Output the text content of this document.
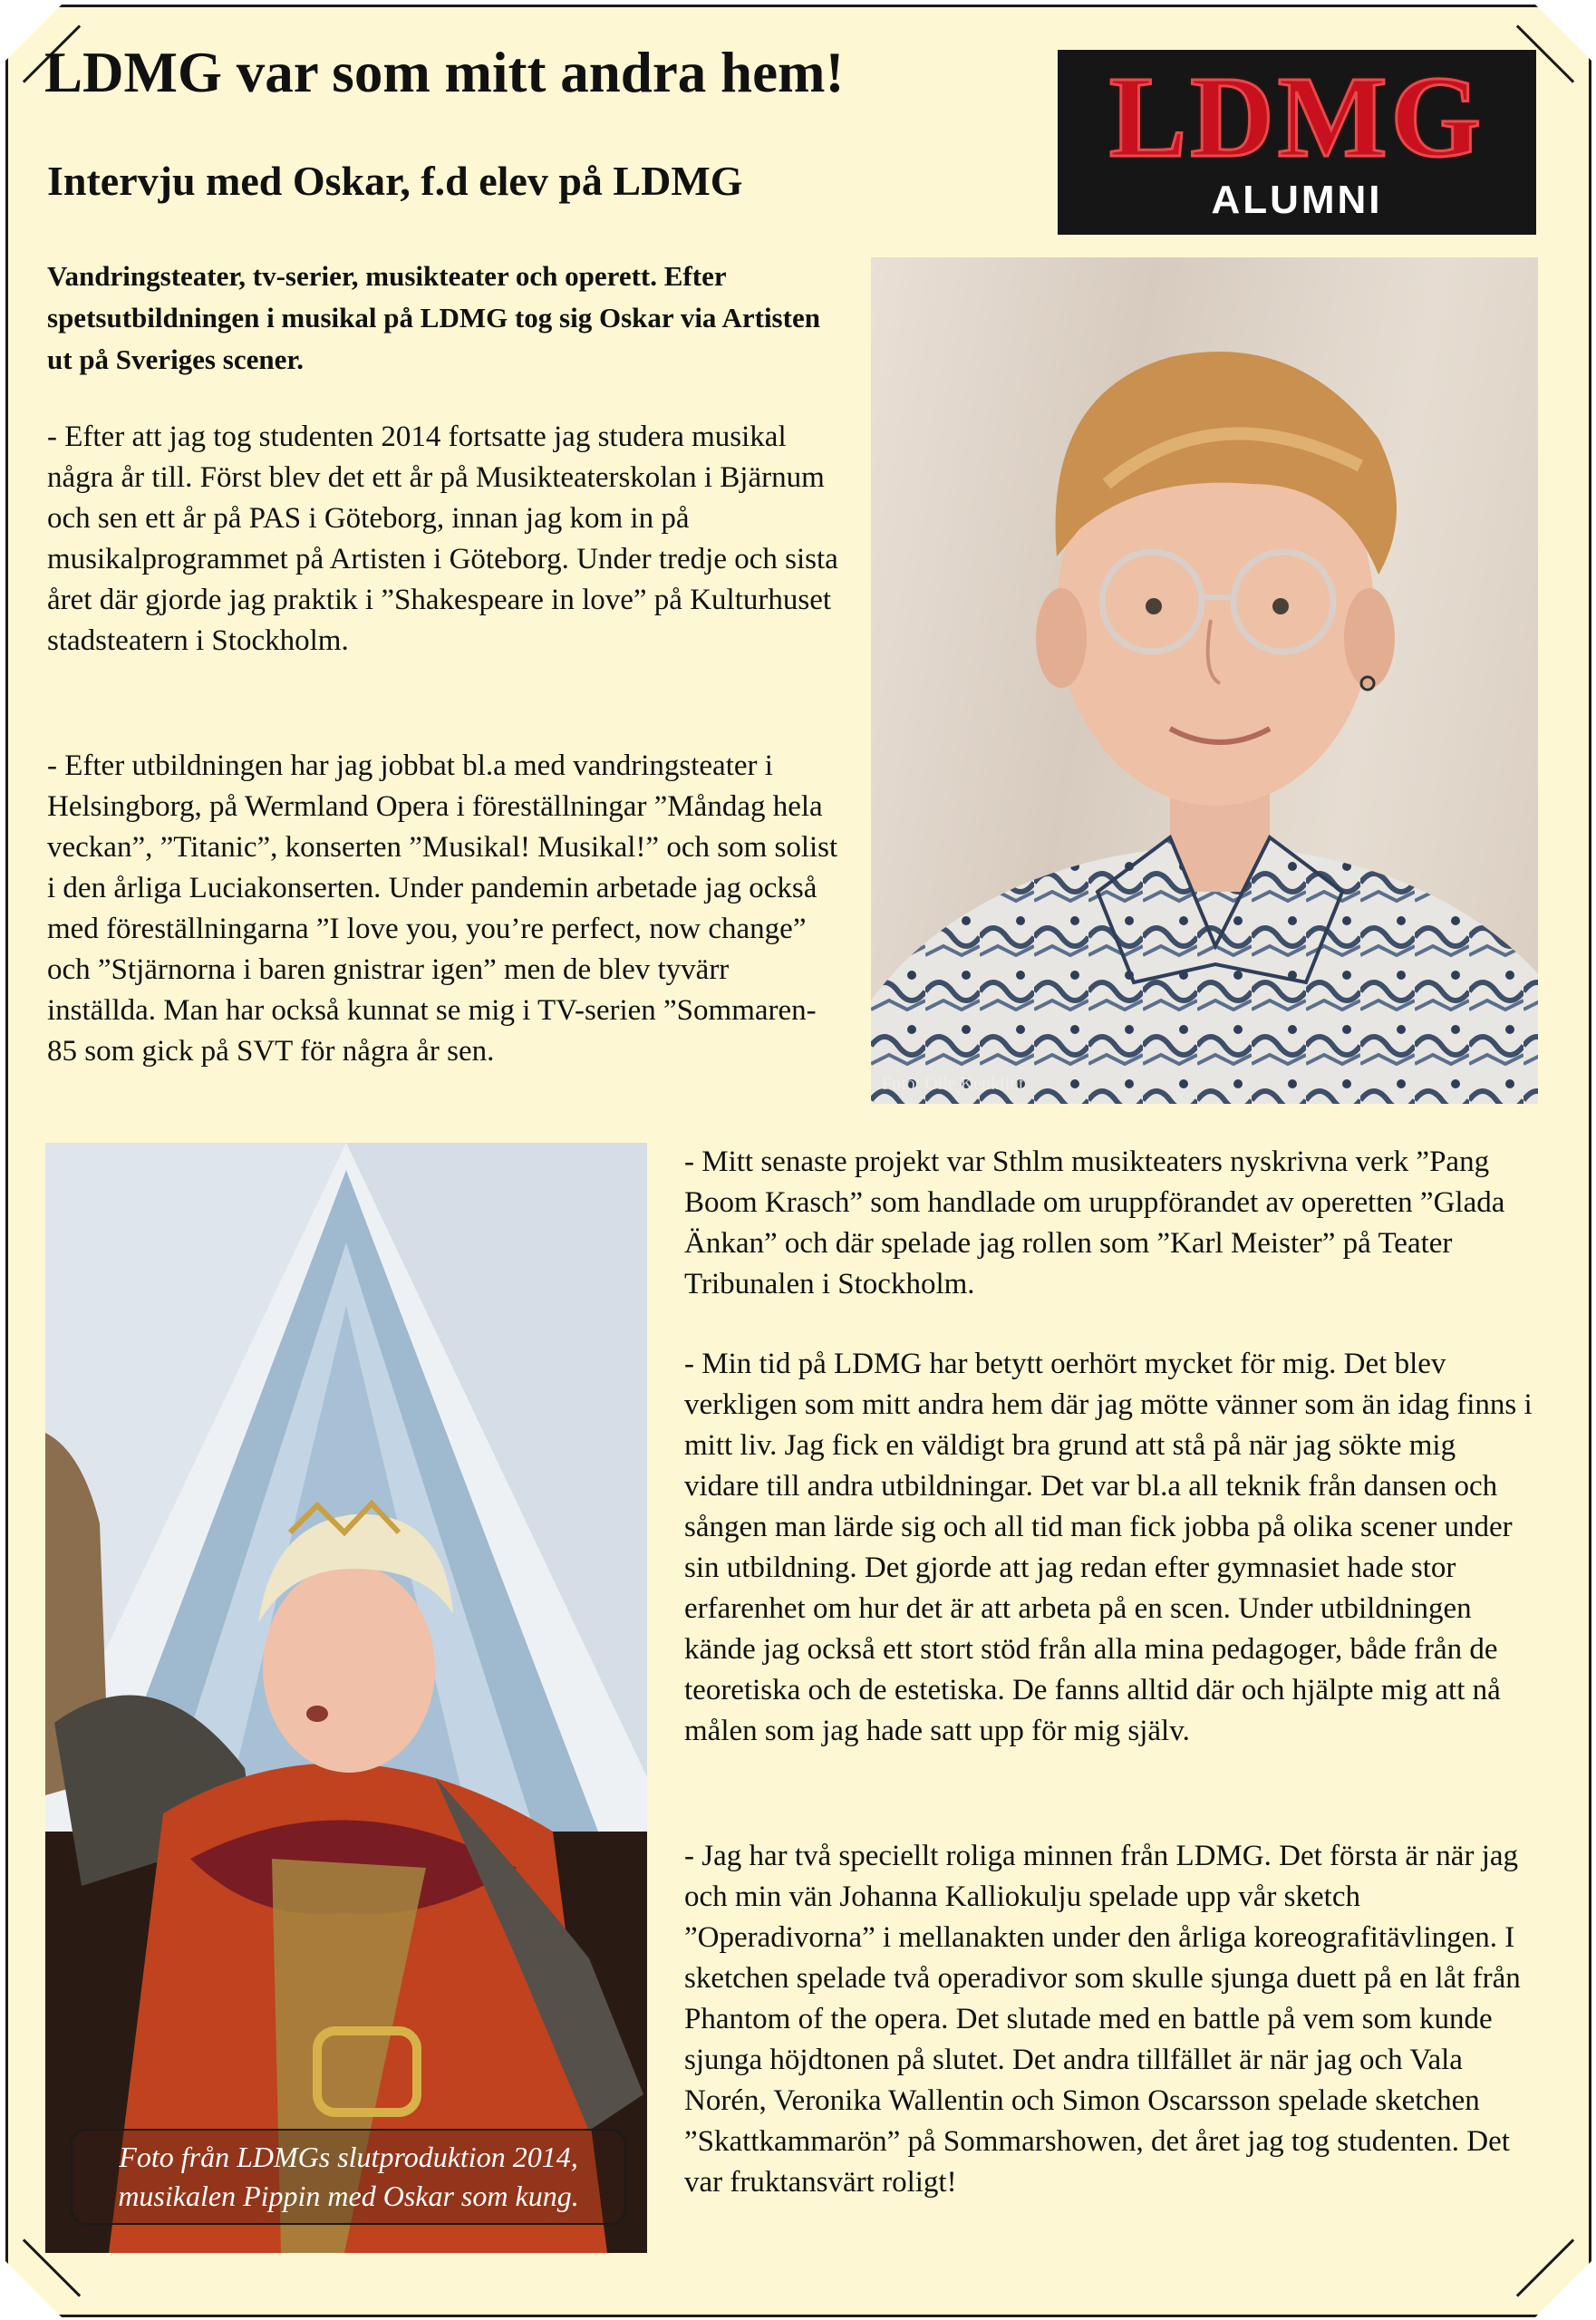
LDMG var som mitt andra hem!
Intervju med Oskar, f.d elev på LDMG	LDMG
ALUMNI

Vandringsteater, tv-serier, musikteater och operett. Efter spetsutbildningen i musikal på LDMG tog sig Oskar via Artisten ut på Sveriges scener.

Foto: Olle Kenklint

- Efter att jag tog studenten 2014 fortsatte jag studera musikal några år till. Först blev det ett år på Musikteaterskolan i Bjärnum och sen ett år på PAS i Göteborg, innan jag kom in på musikalprogrammet på Artisten i Göteborg. Under tredje och sista året där gjorde jag praktik i ”Shakespeare in love” på Kulturhuset stadsteatern i Stockholm.

- Efter utbildningen har jag jobbat bl.a med vandringsteater i Helsingborg, på Wermland Opera i föreställningar ”Måndag hela veckan”, ”Titanic”, konserten ”Musikal! Musikal!” och som solist i den årliga Luciakonserten. Under pandemin arbetade jag också med föreställningarna ”I love you, you’re perfect, now change” och ”Stjärnorna i baren gnistrar igen” men de blev tyvärr inställda. Man har också kunnat se mig i TV-serien ”Sommaren-85 som gick på SVT för några år sen.

Foto från LDMGs slutproduktion 2014, musikalen Pippin med Oskar som kung.

- Mitt senaste projekt var Sthlm musikteaters nyskrivna verk ”Pang Boom Krasch” som handlade om uruppförandet av operetten ”Glada Änkan” och där spelade jag rollen som ”Karl Meister” på Teater Tribunalen i Stockholm.

- Min tid på LDMG har betytt oerhört mycket för mig. Det blev verkligen som mitt andra hem där jag mötte vänner som än idag finns i mitt liv. Jag fick en väldigt bra grund att stå på när jag sökte mig vidare till andra utbildningar. Det var bl.a all teknik från dansen och sången man lärde sig och all tid man fick jobba på olika scener under sin utbildning. Det gjorde att jag redan efter gymnasiet hade stor erfarenhet om hur det är att arbeta på en scen. Under utbildningen kände jag också ett stort stöd från alla mina pedagoger, både från de teoretiska och de estetiska. De fanns alltid där och hjälpte mig att nå målen som jag hade satt upp för mig själv.

- Jag har två speciellt roliga minnen från LDMG. Det första är när jag och min vän Johanna Kalliokulju spelade upp vår sketch ”Operadivorna” i mellanakten under den årliga koreografitävlingen. I sketchen spelade två operadivor som skulle sjunga duett på en låt från Phantom of the opera. Det slutade med en battle på vem som kunde sjunga höjdtonen på slutet. Det andra tillfället är när jag och Vala Norén, Veronika Wallentin och Simon Oscarsson spelade sketchen ”Skattkammarön” på Sommarshowen, det året jag tog studenten. Det var fruktansvärt roligt!
